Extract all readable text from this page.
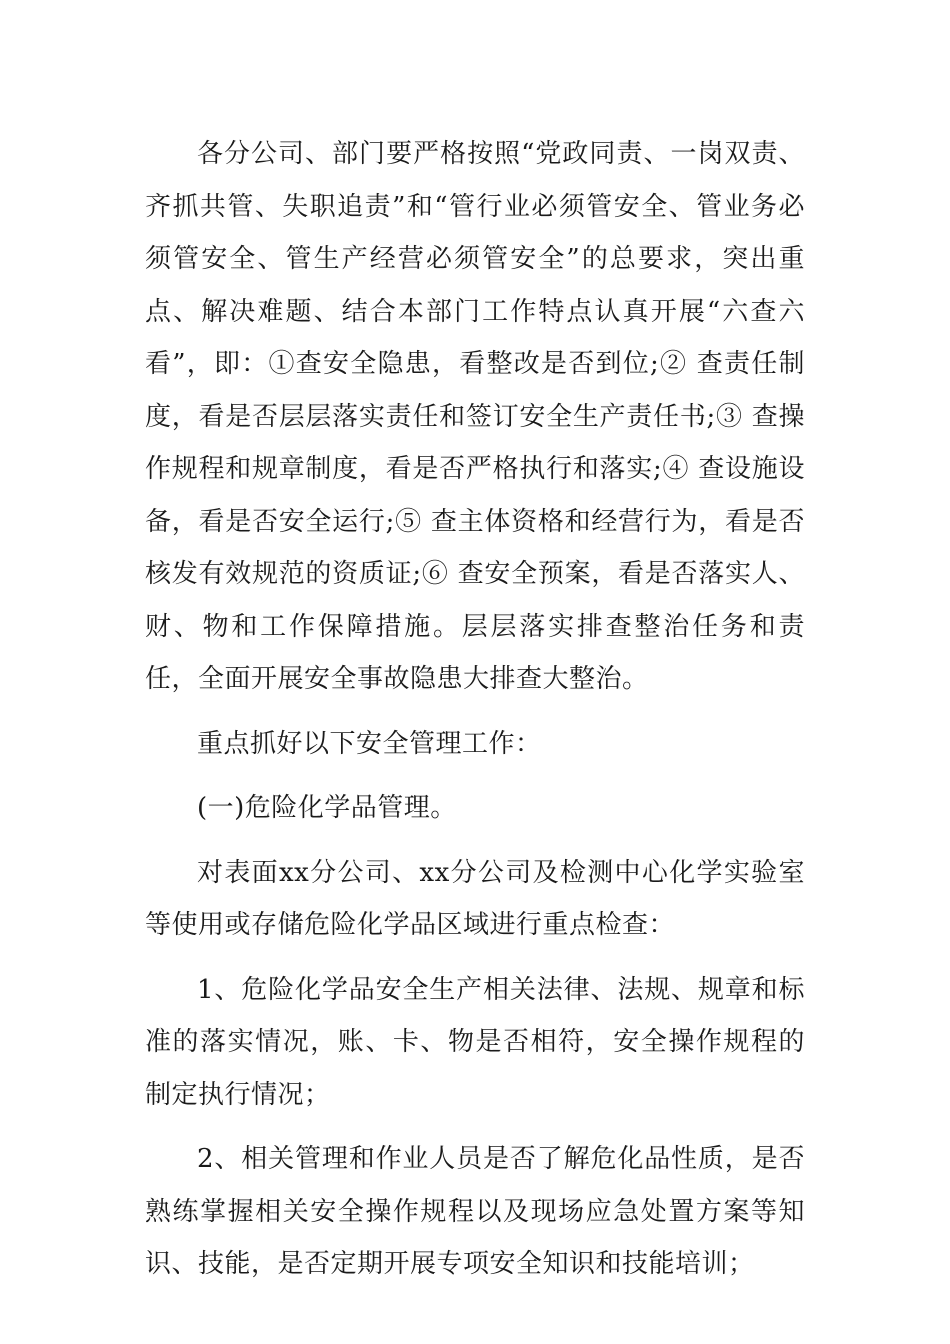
各分公司、部门要严格按照“党政同责、一岗双责、齐抓共管、失职追责”和“管行业必须管安全、管业务必须管安全、管生产经营必须管安全”的总要求，突出重点、解决难题、结合本部门工作特点认真开展“六查六看”，即：①查安全隐患，看整改是否到位;② 查责任制度，看是否层层落实责任和签订安全生产责任书;③ 查操作规程和规章制度，看是否严格执行和落实;④ 查设施设备，看是否安全运行;⑤ 查主体资格和经营行为，看是否核发有效规范的资质证;⑥ 查安全预案，看是否落实人、财、物和工作保障措施。层层落实排查整治任务和责任，全面开展安全事故隐患大排查大整治。

重点抓好以下安全管理工作：

(一)危险化学品管理。

对表面xx分公司、xx分公司及检测中心化学实验室等使用或存储危险化学品区域进行重点检查：

1、危险化学品安全生产相关法律、法规、规章和标准的落实情况，账、卡、物是否相符，安全操作规程的制定执行情况；

2、相关管理和作业人员是否了解危化品性质，是否熟练掌握相关安全操作规程以及现场应急处置方案等知识、技能，是否定期开展专项安全知识和技能培训；
